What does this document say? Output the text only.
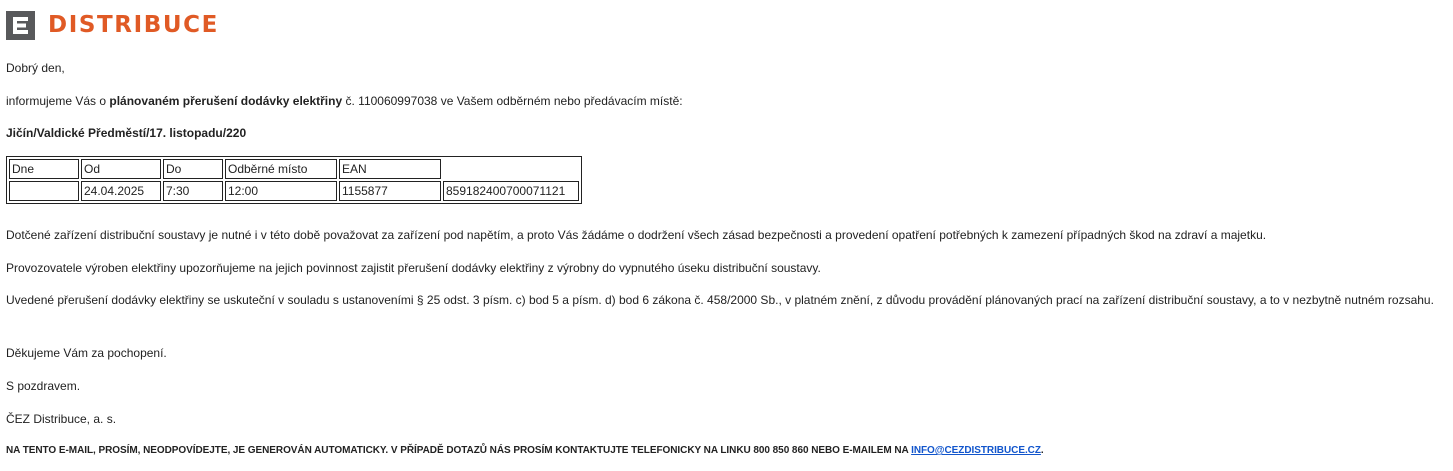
DISTRIBUCE

Dobrý den,

informujeme Vás o plánovaném přerušení dodávky elektřiny č. 110060997038 ve Vašem odběrném nebo předávacím místě:

Jičín/Valdické Předměstí/17. listopadu/220

Dne	Od	Do	Odběrné místo	EAN	
	24.04.2025	7:30	12:00	1155877	859182400700071121

Dotčené zařízení distribuční soustavy je nutné i v této době považovat za zařízení pod napětím, a proto Vás žádáme o dodržení všech zásad bezpečnosti a provedení opatření potřebných k zamezení případných škod na zdraví a majetku.

Provozovatele výroben elektřiny upozorňujeme na jejich povinnost zajistit přerušení dodávky elektřiny z výrobny do vypnutého úseku distribuční soustavy.

Uvedené přerušení dodávky elektřiny se uskuteční v souladu s ustanoveními § 25 odst. 3 písm. c) bod 5 a písm. d) bod 6 zákona č. 458/2000 Sb., v platném znění, z důvodu provádění plánovaných prací na zařízení distribuční soustavy, a to v nezbytně nutném rozsahu.

Děkujeme Vám za pochopení.

S pozdravem.

ČEZ Distribuce, a. s.

NA TENTO E-MAIL, PROSÍM, NEODPOVÍDEJTE, JE GENEROVÁN AUTOMATICKY. V PŘÍPADĚ DOTAZŮ NÁS PROSÍM KONTAKTUJTE TELEFONICKY NA LINKU 800 850 860 NEBO E-MAILEM NA INFO@CEZDISTRIBUCE.CZ.
